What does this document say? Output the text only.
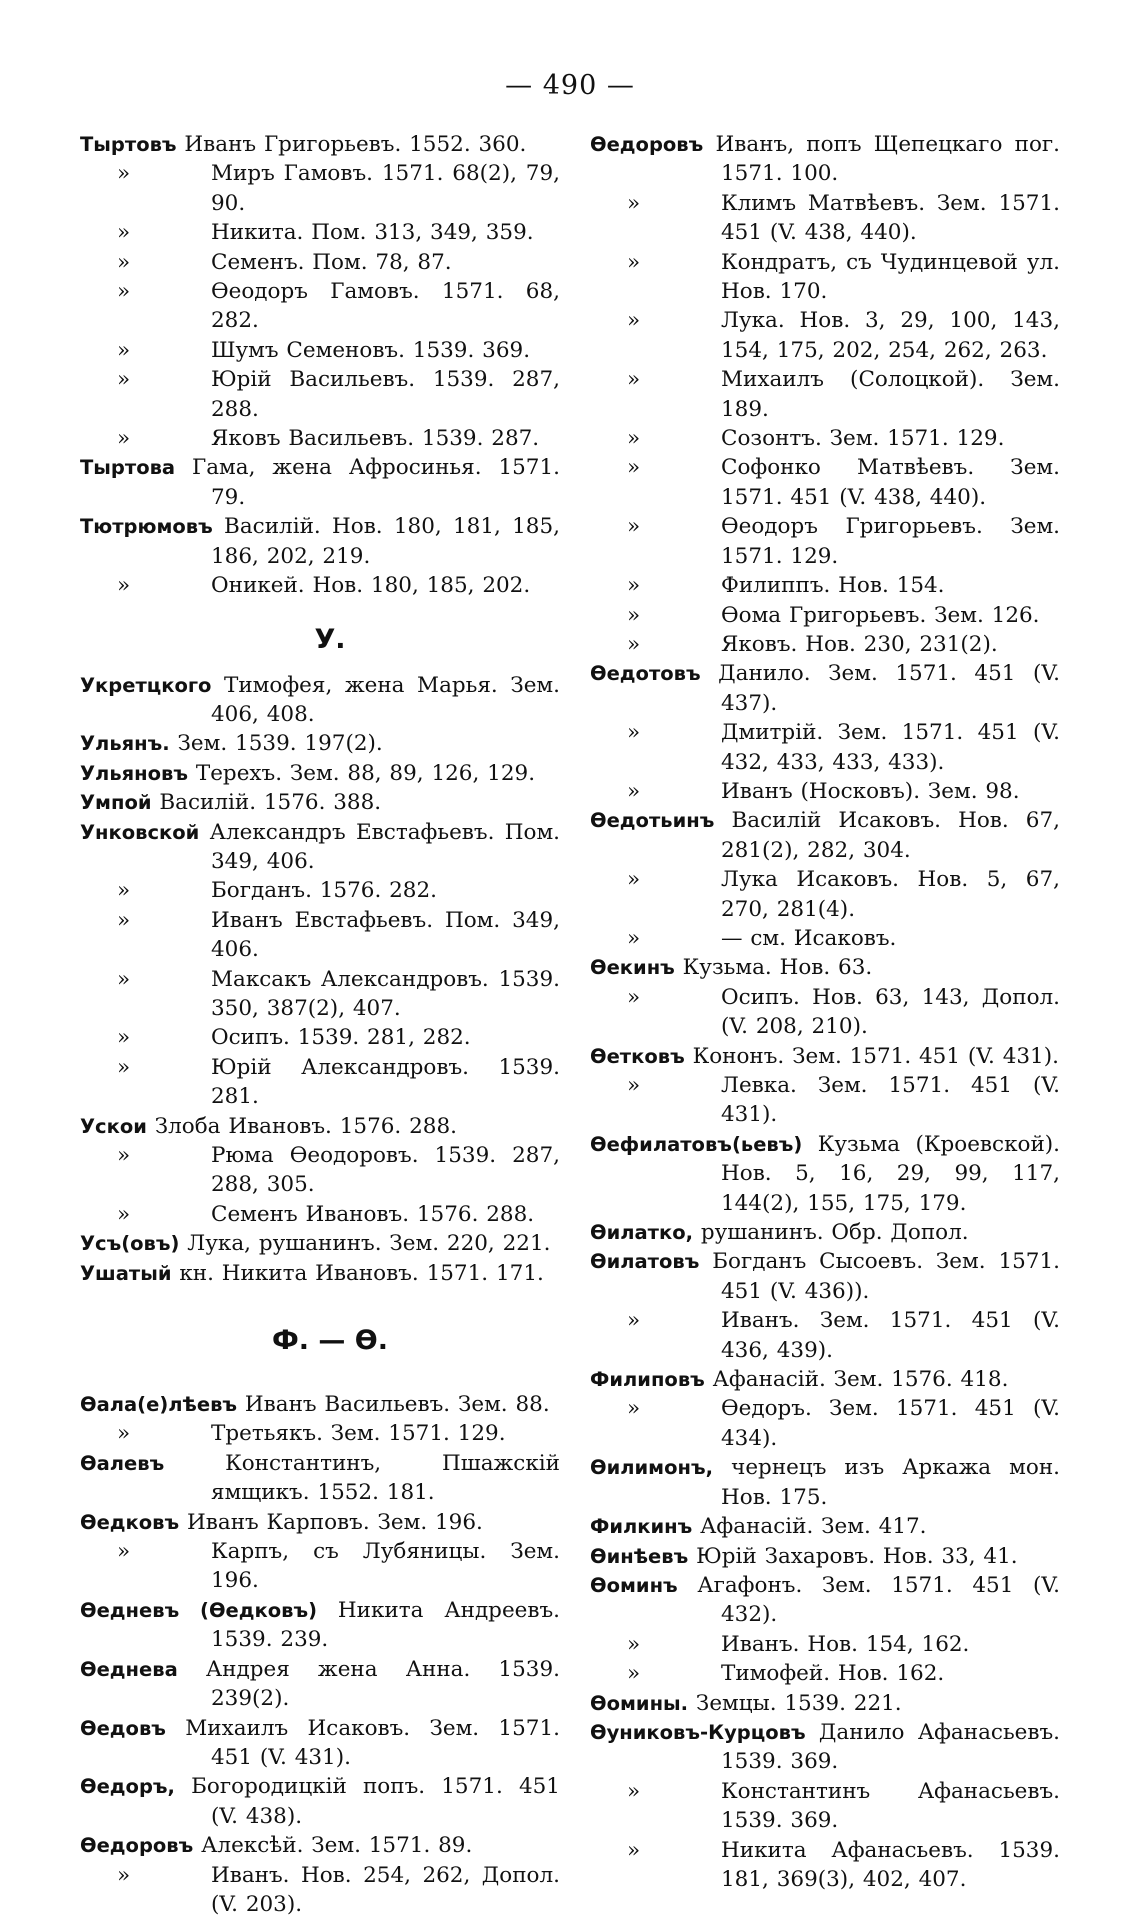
— 490 —
Тыртовъ Иванъ Григорьевъ. 1552. 360.
»	Миръ Гамовъ. 1571. 68(2), 79, 90.
»	Никита. Пом. 313, 349, 359.
»	Семенъ. Пом. 78, 87.
»	Ѳеодоръ Гамовъ. 1571. 68, 282.
»	Шумъ Семеновъ. 1539. 369.
»	Юрій Васильевъ. 1539. 287, 288.
»	Яковъ Васильевъ. 1539. 287.
Тыртова Гама, жена Афросинья. 1571. 79.
Тютрюмовъ Василій. Нов. 180, 181, 185, 186, 202, 219.
»	Оникей. Нов. 180, 185, 202.
У.
Укретцкого Тимофея, жена Марья. Зем. 406, 408.
Ульянъ. Зем. 1539. 197(2).
Ульяновъ Терехъ. Зем. 88, 89, 126, 129.
Умпой Василій. 1576. 388.
Унковской Александръ Евстафьевъ. Пом. 349, 406.
»	Богданъ. 1576. 282.
»	Иванъ Евстафьевъ. Пом. 349, 406.
»	Максакъ Александровъ. 1539. 350, 387(2), 407.
»	Осипъ. 1539. 281, 282.
»	Юрій Александровъ. 1539. 281.
Ускои Злоба Ивановъ. 1576. 288.
»	Рюма Ѳеодоровъ. 1539. 287, 288, 305.
»	Семенъ Ивановъ. 1576. 288.
Усъ(овъ) Лука, рушанинъ. Зем. 220, 221.
Ушатый кн. Никита Ивановъ. 1571. 171.
Ф. — Ѳ.
Ѳала(е)лѣевъ Иванъ Васильевъ. Зем. 88.
»	Третьякъ. Зем. 1571. 129.
Ѳалевъ Константинъ, Пшажскій ямщикъ. 1552. 181.
Ѳедковъ Иванъ Карповъ. Зем. 196.
»	Карпъ, съ Лубяницы. Зем. 196.
Ѳедневъ (Ѳедковъ) Никита Андреевъ. 1539. 239.
Ѳеднева Андрея жена Анна. 1539. 239(2).
Ѳедовъ Михаилъ Исаковъ. Зем. 1571. 451 (V. 431).
Ѳедоръ, Богородицкій попъ. 1571. 451 (V. 438).
Ѳедоровъ Алексѣй. Зем. 1571. 89.
»	Иванъ. Нов. 254, 262, Допол. (V. 203).
Ѳедоровъ Иванъ, попъ Щепецкаго пог. 1571. 100.
»	Климъ Матвѣевъ. Зем. 1571. 451 (V. 438, 440).
»	Кондратъ, съ Чудинцевой ул. Нов. 170.
»	Лука. Нов. 3, 29, 100, 143, 154, 175, 202, 254, 262, 263.
»	Михаилъ (Солоцкой). Зем. 189.
»	Созонтъ. Зем. 1571. 129.
»	Софонко Матвѣевъ. Зем. 1571. 451 (V. 438, 440).
»	Ѳеодоръ Григорьевъ. Зем. 1571. 129.
»	Филиппъ. Нов. 154.
»	Ѳома Григорьевъ. Зем. 126.
»	Яковъ. Нов. 230, 231(2).
Ѳедотовъ Данило. Зем. 1571. 451 (V. 437).
»	Дмитрій. Зем. 1571. 451 (V. 432, 433, 433, 433).
»	Иванъ (Носковъ). Зем. 98.
Ѳедотьинъ Василій Исаковъ. Нов. 67, 281(2), 282, 304.
»	Лука Исаковъ. Нов. 5, 67, 270, 281(4).
»	— см. Исаковъ.
Ѳекинъ Кузьма. Нов. 63.
»	Осипъ. Нов. 63, 143, Допол. (V. 208, 210).
Ѳетковъ Кононъ. Зем. 1571. 451 (V. 431).
»	Левка. Зем. 1571. 451 (V. 431).
Ѳефилатовъ(ьевъ) Кузьма (Кроевской). Нов. 5, 16, 29, 99, 117, 144(2), 155, 175, 179.
Ѳилатко, рушанинъ. Обр. Допол.
Ѳилатовъ Богданъ Сысоевъ. Зем. 1571. 451 (V. 436)).
»	Иванъ. Зем. 1571. 451 (V. 436, 439).
Филиповъ Афанасій. Зем. 1576. 418.
»	Ѳедоръ. Зем. 1571. 451 (V. 434).
Ѳилимонъ, чернецъ изъ Аркажа мон. Нов. 175.
Филкинъ Афанасій. Зем. 417.
Ѳинѣевъ Юрій Захаровъ. Нов. 33, 41.
Ѳоминъ Агафонъ. Зем. 1571. 451 (V. 432).
»	Иванъ. Нов. 154, 162.
»	Тимофей. Нов. 162.
Ѳомины. Земцы. 1539. 221.
Ѳуниковъ-Курцовъ Данило Афанасьевъ. 1539. 369.
»	Константинъ Афанасьевъ. 1539. 369.
»	Никита Афанасьевъ. 1539. 181, 369(3), 402, 407.
